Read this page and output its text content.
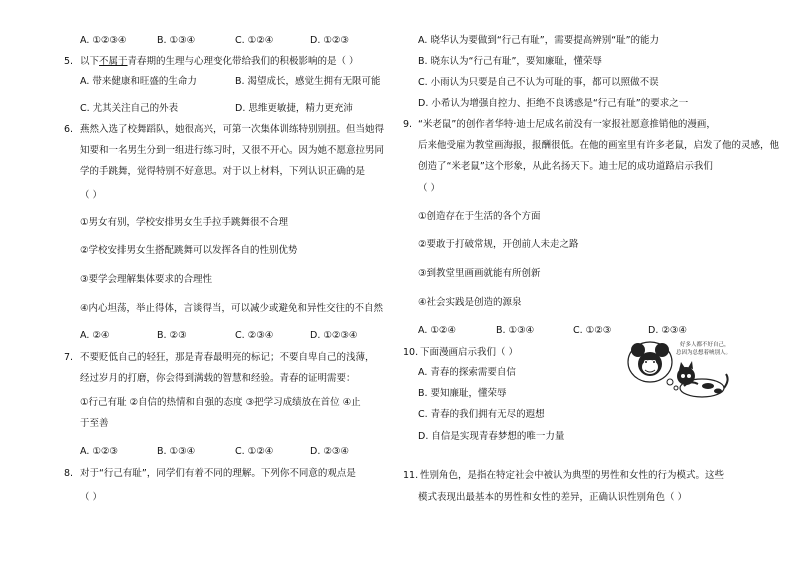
A. ①②③④	B. ①③④	C. ①②④	D. ①②③
5. 以下不属于青春期的生理与心理变化带给我们的积极影响的是（ ）
A. 带来健康和旺盛的生命力	B. 渴望成长，感觉生拥有无限可能
C. 尤其关注自己的外表	D. 思维更敏捷，精力更充沛
6. 燕然入选了校舞蹈队，她很高兴，可第一次集体训练特别别扭。但当她得
知要和一名男生分到一组进行练习时，又很不开心。因为她不愿意拉男同
学的手跳舞，觉得特别不好意思。对于以上材料，下列认识正确的是
（ ）
①男女有别，学校安排男女生手拉手跳舞很不合理
②学校安排男女生搭配跳舞可以发挥各自的性别优势
③要学会理解集体要求的合理性
④内心坦荡，举止得体，言谈得当，可以减少或避免和异性交往的不自然
A. ②④	B. ②③	C. ②③④	D. ①②③④
7. 不要贬低自己的轻狂，那是青春最明亮的标记；不要自卑自己的浅薄，
经过岁月的打磨，你会得到满载的智慧和经验。青春的证明需要：
①行己有耻 ②自信的热情和自强的态度 ③把学习成绩放在首位 ④止
于至善
A. ①②③	B. ①③④	C. ①②④	D. ②③④
8. 对于“行己有耻”，同学们有着不同的理解。下列你不同意的观点是
（ ）
A. 晓华认为要做到“行己有耻”，需要提高辨别“耻”的能力
B. 晓东认为“行己有耻”，要知廉耻，懂荣辱
C. 小雨认为只要是自己不认为可耻的事，都可以照做不误
D. 小希认为增强自控力、拒绝不良诱惑是“行己有耻”的要求之一
9. “米老鼠”的创作者华特·迪士尼成名前没有一家报社愿意推销他的漫画，
后来他受雇为教堂画海报，报酬很低。在他的画室里有许多老鼠，启发了他的灵感，他
创造了“米老鼠”这个形象，从此名扬天下。迪士尼的成功道路启示我们
（ ）
①创造存在于生活的各个方面
②要敢于打破常规，开创前人未走之路
③到教堂里画画就能有所创新
④社会实践是创造的源泉
A. ①②④	B. ①③④	C. ①②③	D. ②③④
10. 下面漫画启示我们（ ）
A. 青春的探索需要自信
B. 要知廉耻，懂荣辱
C. 青春的我们拥有无尽的遐想
D. 自信是实现青春梦想的唯一力量
好多人都不好自己，
总因为总想着唬别人。
11. 性别角色，是指在特定社会中被认为典型的男性和女性的行为模式。这些
模式表现出最基本的男性和女性的差异，正确认识性别角色（ ）
